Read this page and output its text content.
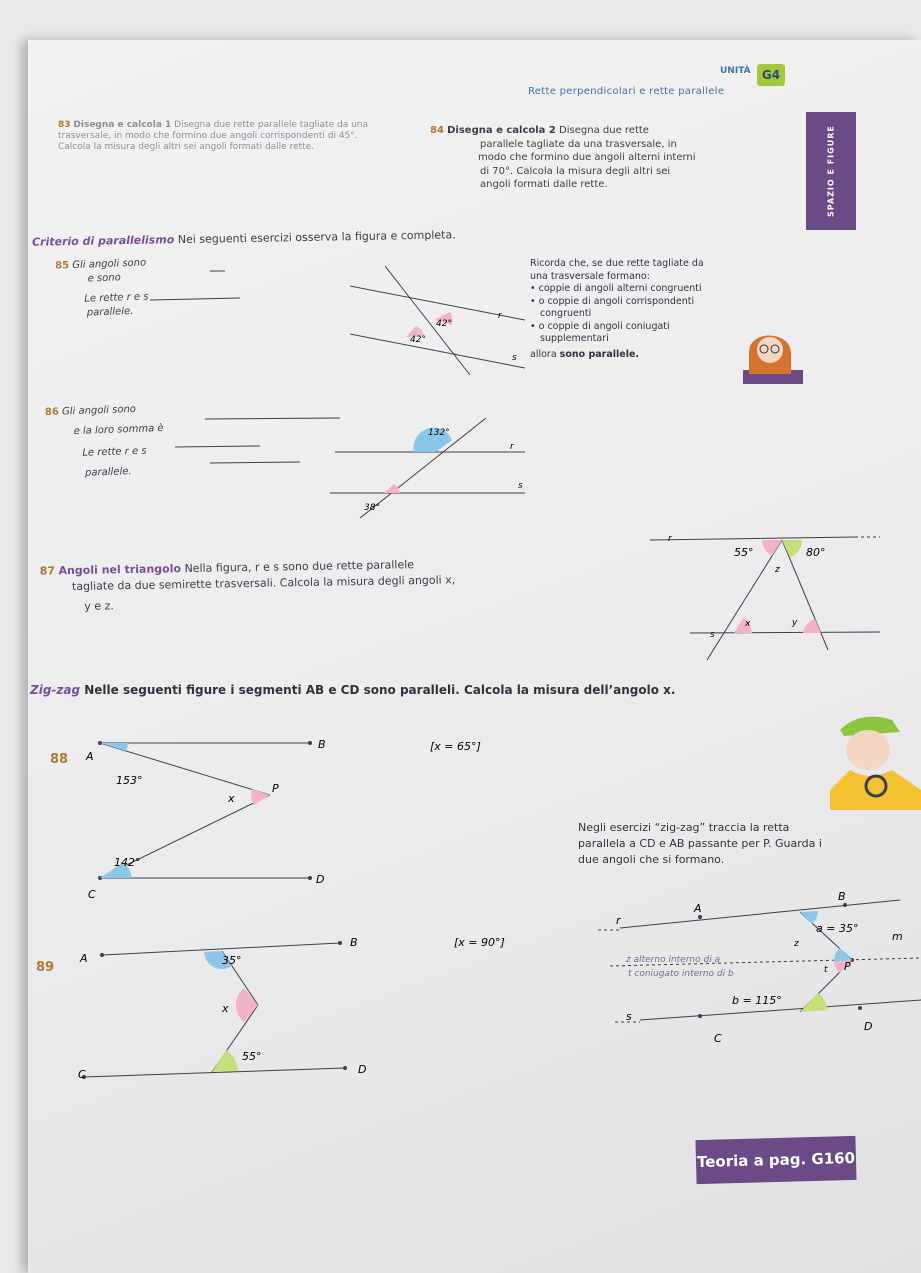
Rette perpendicolari e rette parallele
UNITÀ G4
SPAZIO E FIGURE
83 Disegna e calcola 1 Disegna due rette parallele tagliate da una trasversale, in modo che formino due angoli corrispondenti di 45°. Calcola la misura degli altri sei angoli formati dalle rette.
84 Disegna e calcola 2 Disegna due rette
parallele tagliate da una trasversale, in
modo che formino due angoli alterni interni
di 70°. Calcola la misura degli altri sei
angoli formati dalle rette.
Criterio di parallelismo Nei seguenti esercizi osserva la figura e completa.
85 Gli angoli sono
e sono
Le rette r e s
parallele.
42°
42°
r
s
Ricorda che, se due rette tagliate da
una trasversale formano:
• coppie di angoli alterni congruenti
• o coppie di angoli corrispondenti
congruenti
• o coppie di angoli coniugati
supplementari
allora sono parallele.
86 Gli angoli sono
e la loro somma è
Le rette r e s
parallele.
132°
38°
r
s
87 Angoli nel triangolo Nella figura, r e s sono due rette parallele
tagliate da due semirette trasversali. Calcola la misura degli angoli x,
y e z.
r
s
55°	80°
z
x	y
Zig-zag Nelle seguenti figure i segmenti AB e CD sono paralleli. Calcola la misura dell’angolo x.
A
B
C
D
P
x
153°
142°
[x = 65°]
88
A
B
C	D
x
35°
55°
[x = 90°]
89
Negli esercizi “zig-zag” traccia la retta
parallela a CD e AB passante per P. Guarda i
due angoli che si formano.
r
A
B
m
P
s
C
D
z
t
a = 35°
b = 115°
z alterno interno di a
t coniugato interno di b
Teoria a pag. G160
